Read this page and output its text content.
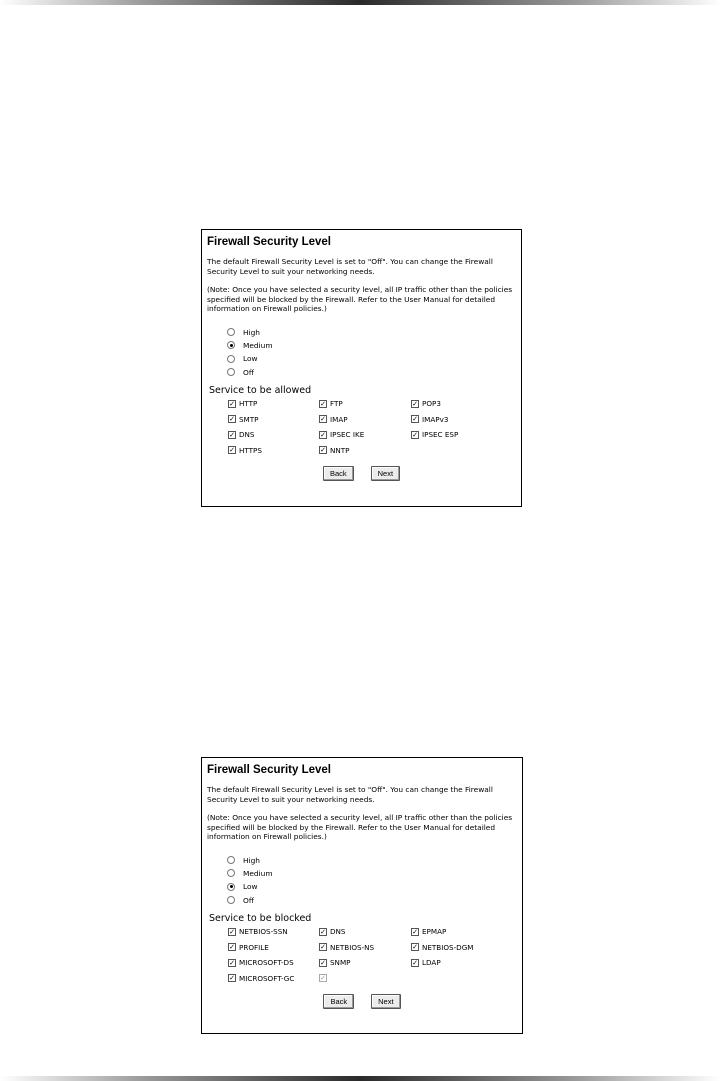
Firewall Security Level

The default Firewall Security Level is set to "Off". You can change the Firewall Security Level to suit your networking needs.

(Note: Once you have selected a security level, all IP traffic other than the policies specified will be blocked by the Firewall. Refer to the User Manual for detailed information on Firewall policies.)

High
Medium
Low
Off
Service to be allowed
✓ HTTP	✓ FTP	✓ POP3
✓ SMTP	✓ IMAP	✓ IMAPv3
✓ DNS	✓ IPSEC IKE	✓ IPSEC ESP
✓ HTTPS	✓ NNTP
Back	Next
Firewall Security Level

The default Firewall Security Level is set to "Off". You can change the Firewall Security Level to suit your networking needs.

(Note: Once you have selected a security level, all IP traffic other than the policies specified will be blocked by the Firewall. Refer to the User Manual for detailed information on Firewall policies.)

High
Medium
Low
Off
Service to be blocked
✓ NETBIOS-SSN	✓ DNS	✓ EPMAP
✓ PROFILE	✓ NETBIOS-NS	✓ NETBIOS-DGM
✓ MICROSOFT-DS	✓ SNMP	✓ LDAP
✓ MICROSOFT-GC	✓
Back	Next
